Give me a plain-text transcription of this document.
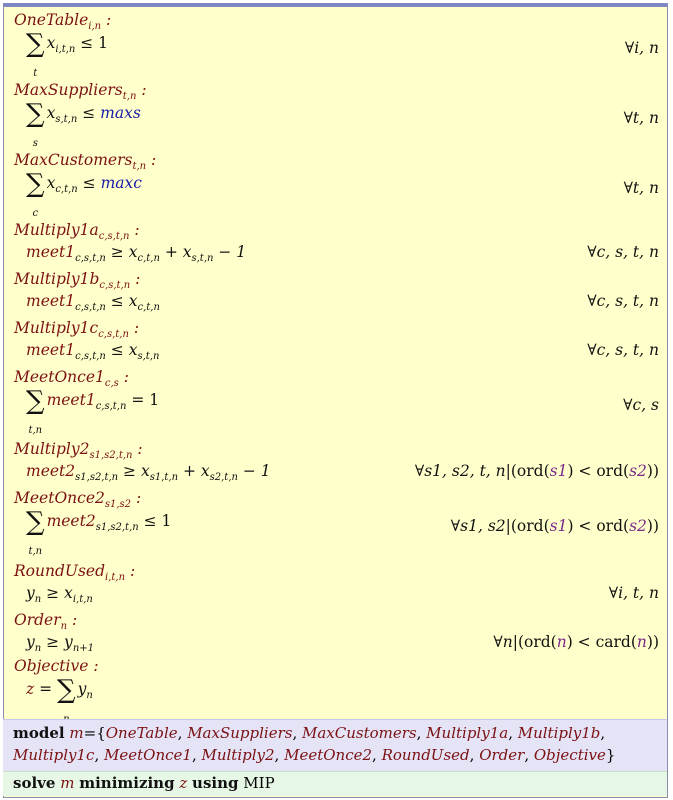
OneTable$_{i,n}$ :
∑
t
$x_{i,t,n} \le 1$	∀i, n
MaxSuppliers$_{t,n}$ :
∑
s
$x_{s,t,n} \le \max s$	∀t, n
MaxCustomers$_{t,n}$ :
∑
c
$x_{c,t,n} \le \max c$	∀t, n
$Multiply1a_{c,s,t,n}$ :
$meet1_{c,s,t,n} \ge x_{c,t,n} + x_{s,t,n} - 1$	∀c, s, t, n
$Multiply1b_{c,s,t,n}$ :
$meet1_{c,s,t,n} \le x_{c,t,n}$	∀c, s, t, n
$Multiply1c_{c,s,t,n}$ :
$meet1_{c,s,t,n} \le x_{s,t,n}$	∀c, s, t, n
$MeetOnce1_{c,s}$ :
∑
t,n
$meet1_{c,s,t,n} = 1$	∀c, s
$Multiply2_{s1,s2,t,n}$ :
$meet2_{s1,s2,t,n} \ge x_{s1,t,n} + x_{s2,t,n} - 1$	∀s1, s2, t, n|(ord(s1) < ord(s2))
$MeetOnce2_{s1,s2}$ :
∑
t,n
$meet2_{s1,s2,t,n} \le 1$	∀s1, s2|(ord(s1) < ord(s2))
RoundUsed$_{i,t,n}$ :
$y_n \ge x_{i,t,n}$	∀i, t, n
Order$_n$ :
$y_n \ge y_{n+1}$	∀n|(ord(n) < card(n))
Objective :
z = ∑ $y_n$
model m={OneTable, MaxSuppliers, MaxCustomers, Multiply1a, Multiply1b,
Multiply1c, MeetOnce1, Multiply2, MeetOnce2, RoundUsed, Order, Objective}
solve m minimizing z using MIP
